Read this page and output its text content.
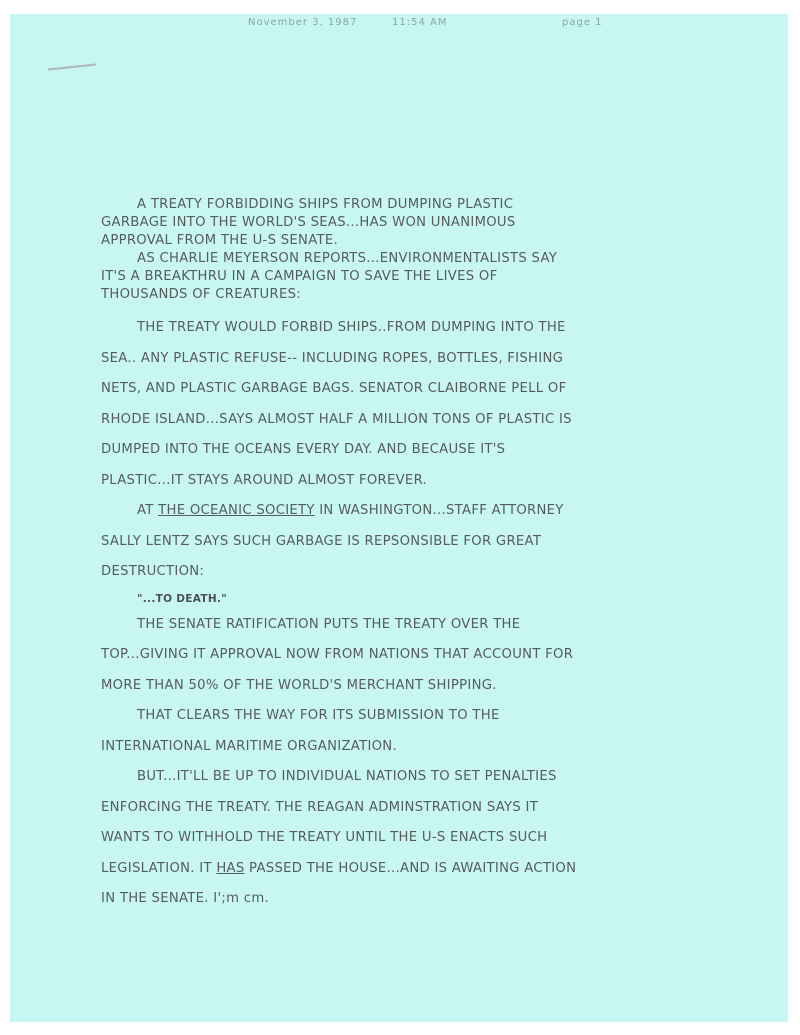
November 3, 1987	11:54 AM	page 1

A TREATY FORBIDDING SHIPS FROM DUMPING PLASTIC GARBAGE INTO THE WORLD'S SEAS...HAS WON UNANIMOUS APPROVAL FROM THE U-S SENATE.

AS CHARLIE MEYERSON REPORTS...ENVIRONMENTALISTS SAY IT'S A BREAKTHRU IN A CAMPAIGN TO SAVE THE LIVES OF THOUSANDS OF CREATURES:

THE TREATY WOULD FORBID SHIPS..FROM DUMPING INTO THE SEA.. ANY PLASTIC REFUSE-- INCLUDING ROPES, BOTTLES, FISHING NETS, AND PLASTIC GARBAGE BAGS. SENATOR CLAIBORNE PELL OF RHODE ISLAND...SAYS ALMOST HALF A MILLION TONS OF PLASTIC IS DUMPED INTO THE OCEANS EVERY DAY. AND BECAUSE IT'S PLASTIC...IT STAYS AROUND ALMOST FOREVER.

AT THE OCEANIC SOCIETY IN WASHINGTON...STAFF ATTORNEY SALLY LENTZ SAYS SUCH GARBAGE IS REPSONSIBLE FOR GREAT DESTRUCTION:

"...TO DEATH."

THE SENATE RATIFICATION PUTS THE TREATY OVER THE TOP...GIVING IT APPROVAL NOW FROM NATIONS THAT ACCOUNT FOR MORE THAN 50% OF THE WORLD'S MERCHANT SHIPPING.

THAT CLEARS THE WAY FOR ITS SUBMISSION TO THE INTERNATIONAL MARITIME ORGANIZATION.

BUT...IT'LL BE UP TO INDIVIDUAL NATIONS TO SET PENALTIES ENFORCING THE TREATY. THE REAGAN ADMINSTRATION SAYS IT WANTS TO WITHHOLD THE TREATY UNTIL THE U-S ENACTS SUCH LEGISLATION. IT HAS PASSED THE HOUSE...AND IS AWAITING ACTION IN THE SENATE. I';m cm.
